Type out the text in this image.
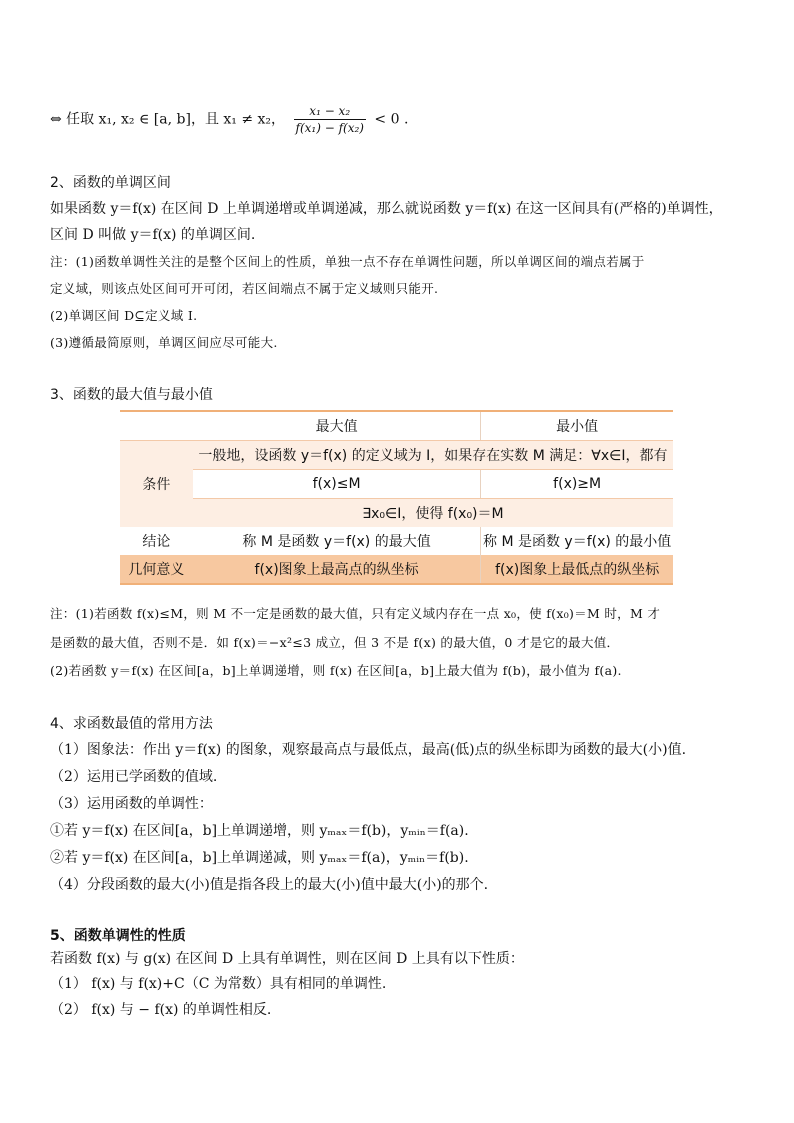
⇔ 任取 x₁, x₂ ∈ [a, b]，且 x₁ ≠ x₂， $\frac{\text{x₁ − x₂}}{\text{f(x₁) − f(x₂)}} < 0$ .
2、函数的单调区间
如果函数 y＝f(x) 在区间 D 上单调递增或单调递减，那么就说函数 y＝f(x) 在这一区间具有(严格的)单调性，
区间 D 叫做 y＝f(x) 的单调区间.
注：(1)函数单调性关注的是整个区间上的性质，单独一点不存在单调性问题，所以单调区间的端点若属于
定义域，则该点处区间可开可闭，若区间端点不属于定义域则只能开.
(2)单调区间 D⊆定义域 I.
(3)遵循最简原则，单调区间应尽可能大.
3、函数的最大值与最小值
	最大值	最小值
条件	一般地，设函数 y＝f(x) 的定义域为 I，如果存在实数 M 满足：∀x∈I，都有	
	f(x)≤M	f(x)≥M
	∃x₀∈I，使得 f(x₀)＝M	
结论	称 M 是函数 y＝f(x) 的最大值	称 M 是函数 y＝f(x) 的最小值
几何意义	f(x)图象上最高点的纵坐标	f(x)图象上最低点的纵坐标
注：(1)若函数 f(x)≤M，则 M 不一定是函数的最大值，只有定义域内存在一点 x₀，使 f(x₀)＝M 时，M 才
是函数的最大值，否则不是．如 f(x)＝−x²≤3 成立，但 3 不是 f(x) 的最大值，0 才是它的最大值．
(2)若函数 y＝f(x) 在区间[a，b]上单调递增，则 f(x) 在区间[a，b]上最大值为 f(b)，最小值为 f(a).
4、求函数最值的常用方法
（1）图象法：作出 y＝f(x) 的图象，观察最高点与最低点，最高(低)点的纵坐标即为函数的最大(小)值.
（2）运用已学函数的值域.
（3）运用函数的单调性：
①若 y＝f(x) 在区间[a，b]上单调递增，则 yₘₐₓ＝f(b)，yₘᵢₙ＝f(a).
②若 y＝f(x) 在区间[a，b]上单调递减，则 yₘₐₓ＝f(a)，yₘᵢₙ＝f(b).
（4）分段函数的最大(小)值是指各段上的最大(小)值中最大(小)的那个.
5、函数单调性的性质
若函数 f(x) 与 g(x) 在区间 D 上具有单调性，则在区间 D 上具有以下性质：
（1） f(x) 与 f(x)+C（C 为常数）具有相同的单调性.
（2） f(x) 与 − f(x) 的单调性相反.
